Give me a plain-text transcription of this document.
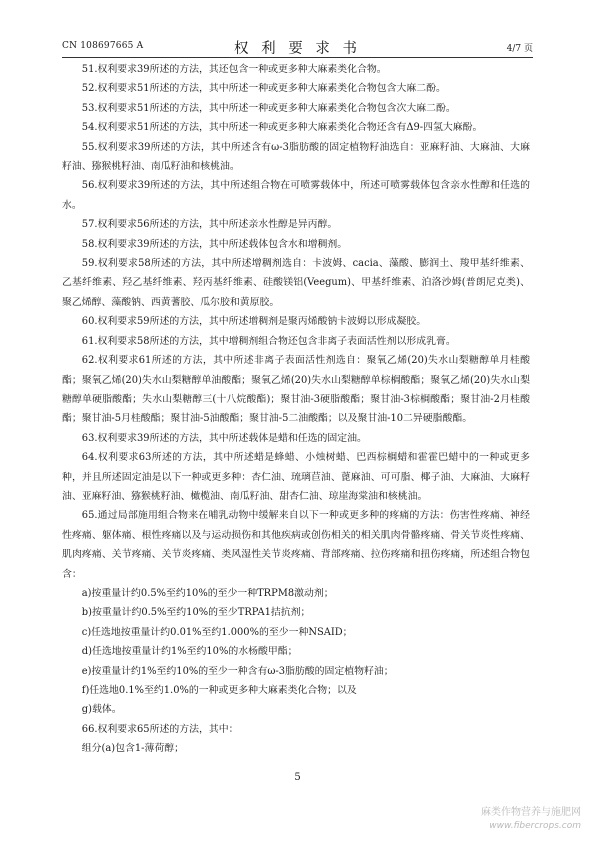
CN 108697665 A	权 利 要 求 书	4/7 页

51.权利要求39所述的方法，其还包含一种或更多种大麻素类化合物。

52.权利要求51所述的方法，其中所述一种或更多种大麻素类化合物包含大麻二酚。

53.权利要求51所述的方法，其中所述一种或更多种大麻素类化合物包含次大麻二酚。

54.权利要求51所述的方法，其中所述一种或更多种大麻素类化合物还含有Δ9-四氢大麻酚。

55.权利要求39所述的方法，其中所述含有ω-3脂肪酸的固定植物籽油选自：亚麻籽油、大麻油、大麻籽油、猕猴桃籽油、南瓜籽油和核桃油。

56.权利要求39所述的方法，其中所述组合物在可喷雾载体中，所述可喷雾载体包含亲水性醇和任选的水。

57.权利要求56所述的方法，其中所述亲水性醇是异丙醇。

58.权利要求39所述的方法，其中所述载体包含水和增稠剂。

59.权利要求58所述的方法，其中所述增稠剂选自：卡波姆、cacia、藻酸、膨润土、羧甲基纤维素、乙基纤维素、羟乙基纤维素、羟丙基纤维素、硅酸镁铝(Veegum)、甲基纤维素、泊洛沙姆(普朗尼克类)、聚乙烯醇、藻酸钠、西黄蓍胶、瓜尔胶和黄原胶。

60.权利要求59所述的方法，其中所述增稠剂是聚丙烯酸钠卡波姆以形成凝胶。

61.权利要求58所述的方法，其中增稠剂组合物还包含非离子表面活性剂以形成乳膏。

62.权利要求61所述的方法，其中所述非离子表面活性剂选自：聚氧乙烯(20)失水山梨糖醇单月桂酸酯；聚氧乙烯(20)失水山梨糖醇单油酸酯；聚氧乙烯(20)失水山梨糖醇单棕榈酸酯；聚氧乙烯(20)失水山梨糖醇单硬脂酸酯；失水山梨糖醇三(十八烷酸酯)；聚甘油-3硬脂酸酯；聚甘油-3棕榈酸酯；聚甘油-2月桂酸酯；聚甘油-5月桂酸酯；聚甘油-5油酸酯；聚甘油-5二油酸酯；以及聚甘油-10二异硬脂酸酯。

63.权利要求39所述的方法，其中所述载体是蜡和任选的固定油。

64.权利要求63所述的方法，其中所述蜡是蜂蜡、小烛树蜡、巴西棕榈蜡和霍霍巴蜡中的一种或更多种，并且所述固定油是以下一种或更多种：杏仁油、琉璃苣油、蓖麻油、可可脂、椰子油、大麻油、大麻籽油、亚麻籽油、猕猴桃籽油、橄榄油、南瓜籽油、甜杏仁油、琼崖海棠油和核桃油。

65.通过局部施用组合物来在哺乳动物中缓解来自以下一种或更多种的疼痛的方法：伤害性疼痛、神经性疼痛、躯体痛、根性疼痛以及与运动损伤和其他疾病或创伤相关的相关肌肉骨骼疼痛、骨关节炎性疼痛、肌肉疼痛、关节疼痛、关节炎疼痛、类风湿性关节炎疼痛、背部疼痛、拉伤疼痛和扭伤疼痛，所述组合物包含：

a)按重量计约0.5%至约10%的至少一种TRPM8激动剂；

b)按重量计约0.5%至约10%的至少TRPA1拮抗剂；

c)任选地按重量计约0.01%至约1.000%的至少一种NSAID；

d)任选地按重量计约1%至约10%的水杨酸甲酯；

e)按重量计约1%至约10%的至少一种含有ω-3脂肪酸的固定植物籽油；

f)任选地0.1%至约1.0%的一种或更多种大麻素类化合物；以及

g)载体。

66.权利要求65所述的方法，其中：

组分(a)包含1-薄荷醇；

5
麻类作物营养与施肥网
www.fibercrops.com
